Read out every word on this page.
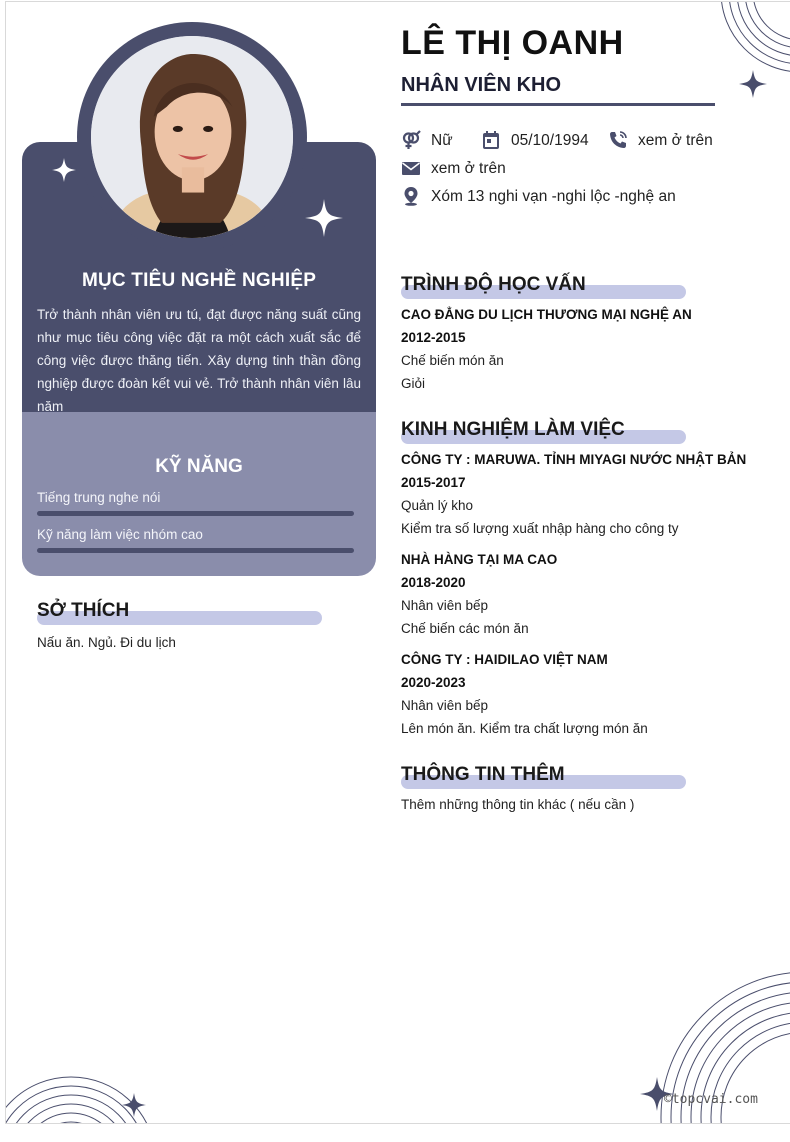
MỤC TIÊU NGHỀ NGHIỆP
Trở thành nhân viên ưu tú, đạt được năng suất cũng như mục tiêu công việc đặt ra một cách xuất sắc để công việc được thăng tiến. Xây dựng tinh thần đồng nghiệp được đoàn kết vui vẻ. Trở thành nhân viên lâu năm
KỸ NĂNG
Tiếng trung nghe nói
Kỹ năng làm việc nhóm cao
SỞ THÍCH
Nấu ăn. Ngủ. Đi du lịch
LÊ THỊ OANH
NHÂN VIÊN KHO
Nữ	05/10/1994	xem ở trên
xem ở trên
Xóm 13 nghi vạn -nghi lộc -nghệ an
TRÌNH ĐỘ HỌC VẤN
CAO ĐẲNG DU LỊCH THƯƠNG MẠI NGHỆ AN
2012-2015
Chế biến món ăn
Giỏi
KINH NGHIỆM LÀM VIỆC
CÔNG TY : MARUWA. TỈNH MIYAGI NƯỚC NHẬT BẢN
2015-2017
Quản lý kho
Kiểm tra số lượng xuất nhập hàng cho công ty
NHÀ HÀNG TẠI MA CAO
2018-2020
Nhân viên bếp
Chế biến các món ăn
CÔNG TY : HAIDILAO VIỆT NAM
2020-2023
Nhân viên bếp
Lên món ăn. Kiểm tra chất lượng món ăn
THÔNG TIN THÊM
Thêm những thông tin khác ( nếu cần )
©topcvai.com
